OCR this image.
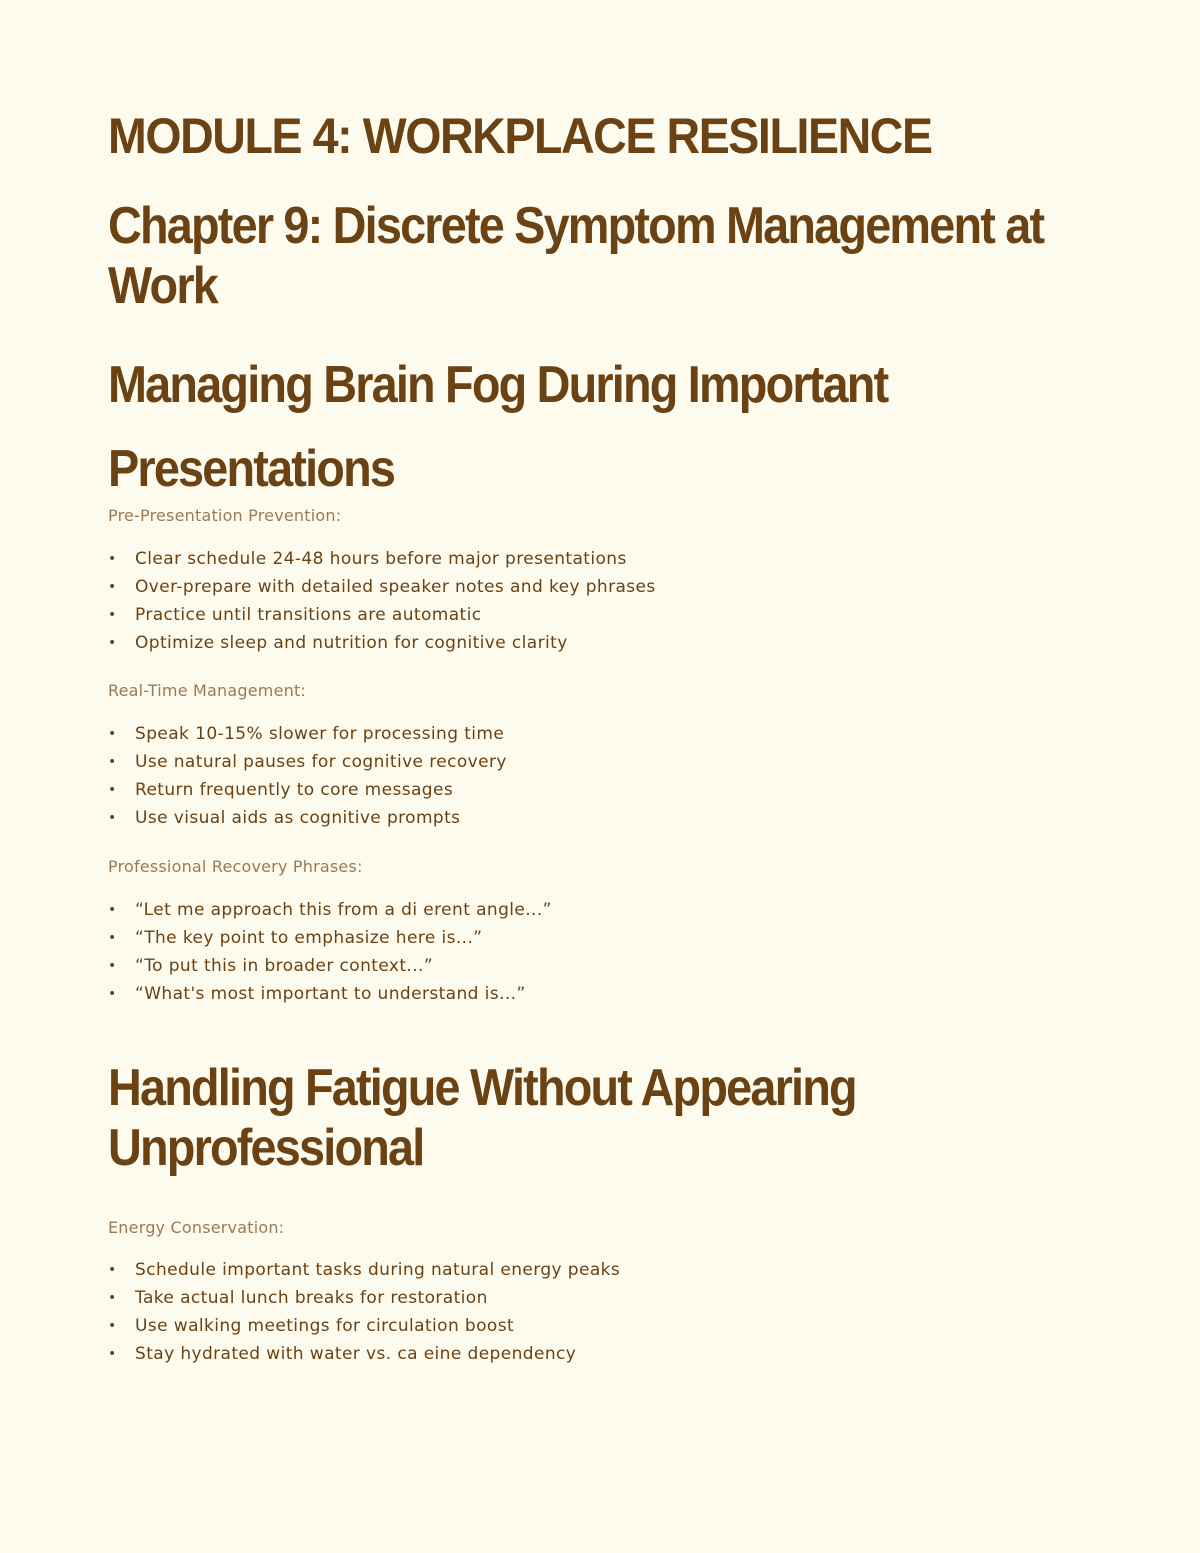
MODULE 4: WORKPLACE RESILIENCE
Chapter 9: Discrete Symptom Management at Work
Managing Brain Fog During Important Presentations

Pre-Presentation Prevention:

• Clear schedule 24-48 hours before major presentations
• Over-prepare with detailed speaker notes and key phrases
• Practice until transitions are automatic
• Optimize sleep and nutrition for cognitive clarity

Real-Time Management:

• Speak 10-15% slower for processing time
• Use natural pauses for cognitive recovery
• Return frequently to core messages
• Use visual aids as cognitive prompts

Professional Recovery Phrases:

• “Let me approach this from a di erent angle...”
• “The key point to emphasize here is...”
• “To put this in broader context...”
• “What's most important to understand is...”
Handling Fatigue Without Appearing Unprofessional

Energy Conservation:

• Schedule important tasks during natural energy peaks
• Take actual lunch breaks for restoration
• Use walking meetings for circulation boost
• Stay hydrated with water vs. ca eine dependency
